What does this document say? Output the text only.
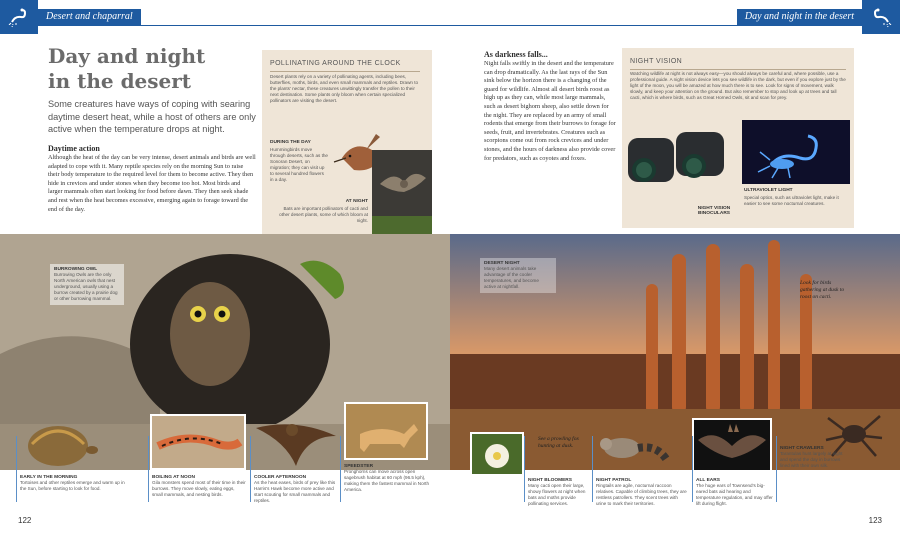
Desert and chaparral	Day and night in the desert
Day and night
in the desert

Some creatures have ways of coping with searing daytime desert heat, while a host of others are only active when the temperature drops at night.

Daytime action

Although the heat of the day can be very intense, desert animals and birds are well adapted to cope with it. Many reptile species rely on the morning Sun to raise their body temperature to the required level for them to become active. They then hide in crevices and under stones when they become too hot. Most birds and larger mammals often start looking for food before dawn. They then seek shade and rest when the heat becomes excessive, emerging again to forage toward the end of the day.

POLLINATING AROUND THE CLOCK

Desert plants rely on a variety of pollinating agents, including bees, butterflies, moths, birds, and even small mammals and reptiles. Drawn to the plants' nectar, these creatures unwittingly transfer the pollen to their next destination. Some plants only bloom when certain specialized pollinators are visiting the desert.

DURING THE DAY

Hummingbirds move through deserts, such as the Sonoran Desert, on migration; they can visit up to several hundred flowers in a day.

AT NIGHT

Bats are important pollinators of cacti and other desert plants, some of which bloom at night.

As darkness falls...

Night falls swiftly in the desert and the temperature can drop dramatically. As the last rays of the Sun sink below the horizon there is a changing of the guard for wildlife. Almost all desert birds roost as high up as they can, while most large mammals, such as desert bighorn sheep, also settle down for the night. They are replaced by an army of small rodents that emerge from their burrows to forage for seeds, fruit, and invertebrates. Creatures such as scorpions come out from rock crevices and under stones, and the hours of darkness also provide cover for predators, such as coyotes and foxes.

NIGHT VISION

Watching wildlife at night is not always easy—you should always be careful and, where possible, use a professional guide. A night vision device lets you see wildlife in the dark, but even if you explore just by the light of the moon, you will be amazed at how much there is to see. Look for signs of movement, walk slowly, and keep your attention on the ground. But also remember to stop and look up at trees and tall cacti, which is where birds, such as Great Horned Owls, sit and scan for prey.

NIGHT VISION BINOCULARS
ULTRAVIOLET LIGHT

Special optics, such as ultraviolet light, make it easier to see some nocturnal creatures.

BURROWING OWL

Burrowing Owls are the only North American owls that nest underground, usually using a burrow created by a prairie dog or other burrowing mammal.

DESERT NIGHT

Many desert animals take advantage of the cooler temperatures, and become active at nightfall.

Look for birds gathering at dusk to roost on cacti.
See a prowling fox hunting at dusk.
EARLY IN THE MORNING
Tortoises and other reptiles emerge and warm up in the Sun, before starting to look for food.
BOILING AT NOON
Gila monsters spend most of their time in their burrows. They move slowly, eating eggs, small mammals, and nesting birds.
COOLER AFTERNOON
As the heat eases, birds of prey like this Harris's Hawk become more active and start scouting for small mammals and reptiles.
SPEEDSTER
Pronghorns can move across open sagebrush habitat at 60 mph (96.5 kph), making them the fastest mammal in North America.
NIGHT BLOOMERS
Many cacti open their large, showy flowers at night when bats and moths provide pollinating services.
NIGHT PATROL
Ringtails are agile, nocturnal raccoon relatives. Capable of climbing trees, they are restless patrollers. They scent trees with urine to mark their territories.
ALL EARS
The huge ears of Townsend's big-eared bats aid hearing and temperature regulation, and may offer lift during flight.
NIGHT CRAWLERS
Tarantulas hunt largely at night and spend the day in burrows lined with their own silk.
122	123
